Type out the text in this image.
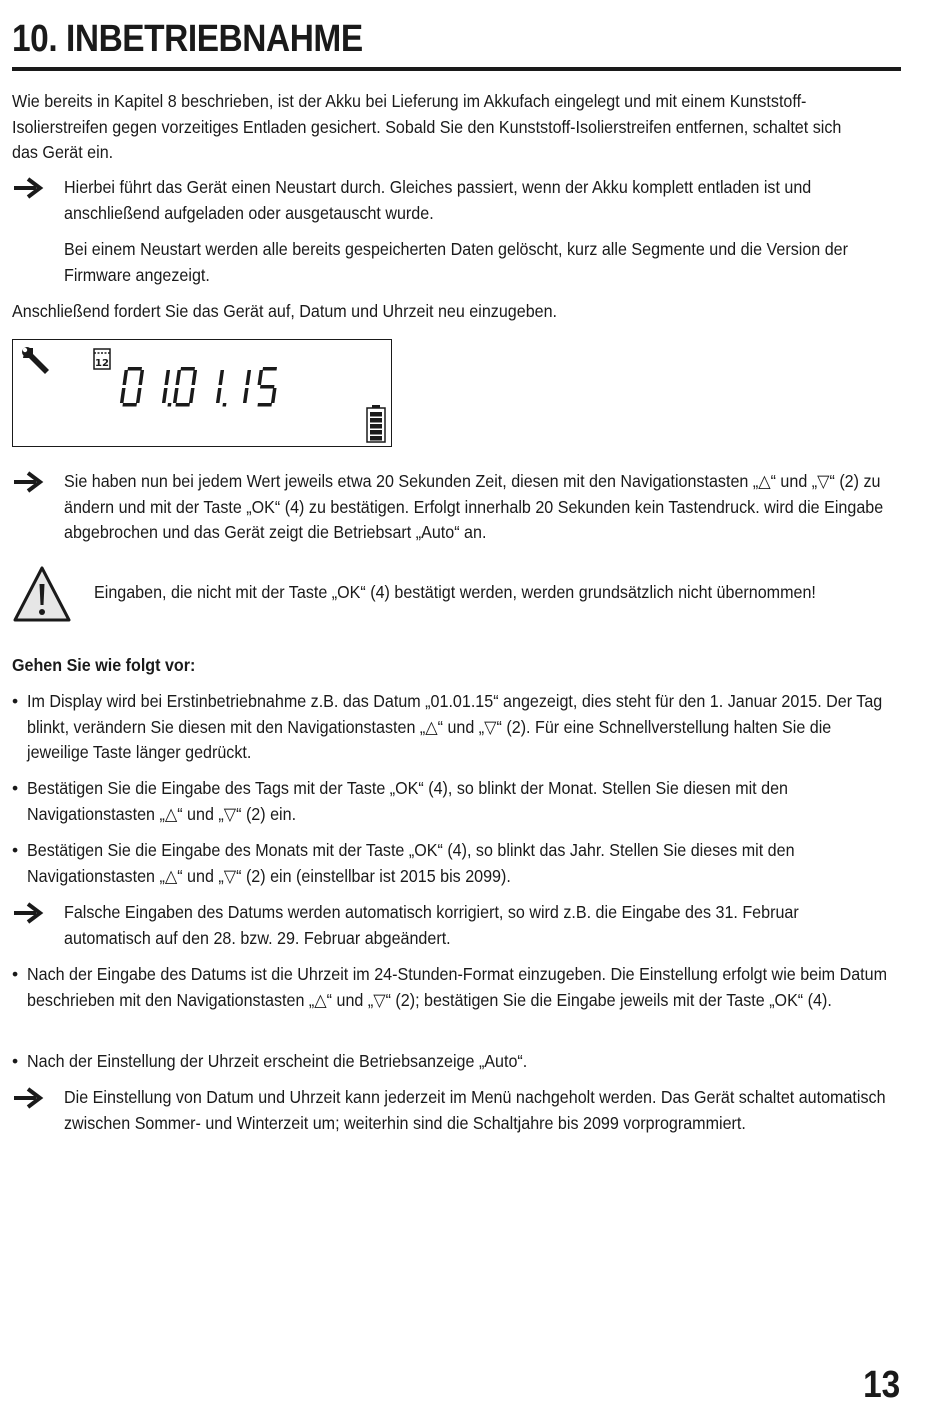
10. INBETRIEBNAHME

Wie bereits in Kapitel 8 beschrieben, ist der Akku bei Lieferung im Akkufach eingelegt und mit einem Kunststoff-Isolierstreifen gegen vorzeitiges Entladen gesichert. Sobald Sie den Kunststoff-Isolierstreifen entfernen, schaltet sich das Gerät ein.

Hierbei führt das Gerät einen Neustart durch. Gleiches passiert, wenn der Akku komplett entladen ist und anschließend aufgeladen oder ausgetauscht wurde.

Bei einem Neustart werden alle bereits gespeicherten Daten gelöscht, kurz alle Segmente und die Version der Firmware angezeigt.

Anschließend fordert Sie das Gerät auf, Datum und Uhrzeit neu einzugeben.

12

Sie haben nun bei jedem Wert jeweils etwa 20 Sekunden Zeit, diesen mit den Navigationstasten „△“ und „▽“ (2) zu ändern und mit der Taste „OK“ (4) zu bestätigen. Erfolgt innerhalb 20 Sekunden kein Tastendruck. wird die Eingabe abgebrochen und das Gerät zeigt die Betriebsart „Auto“ an.

Eingaben, die nicht mit der Taste „OK“ (4) bestätigt werden, werden grundsätzlich nicht übernommen!

Gehen Sie wie folgt vor:

• Im Display wird bei Erstinbetriebnahme z.B. das Datum „01.01.15“ angezeigt, dies steht für den 1. Januar 2015. Der Tag blinkt, verändern Sie diesen mit den Navigationstasten „△“ und „▽“ (2). Für eine Schnellverstellung halten Sie die jeweilige Taste länger gedrückt.

• Bestätigen Sie die Eingabe des Tags mit der Taste „OK“ (4), so blinkt der Monat. Stellen Sie diesen mit den Navigationstasten „△“ und „▽“ (2) ein.

• Bestätigen Sie die Eingabe des Monats mit der Taste „OK“ (4), so blinkt das Jahr. Stellen Sie dieses mit den Navigationstasten „△“ und „▽“ (2) ein (einstellbar ist 2015 bis 2099).

Falsche Eingaben des Datums werden automatisch korrigiert, so wird z.B. die Eingabe des 31. Februar automatisch auf den 28. bzw. 29. Februar abgeändert.

• Nach der Eingabe des Datums ist die Uhrzeit im 24-Stunden-Format einzugeben. Die Einstellung erfolgt wie beim Datum beschrieben mit den Navigationstasten „△“ und „▽“ (2); bestätigen Sie die Eingabe jeweils mit der Taste „OK“ (4).

• Nach der Einstellung der Uhrzeit erscheint die Betriebsanzeige „Auto“.

Die Einstellung von Datum und Uhrzeit kann jederzeit im Menü nachgeholt werden. Das Gerät schaltet automatisch zwischen Sommer- und Winterzeit um; weiterhin sind die Schaltjahre bis 2099 vorprogrammiert.

13
